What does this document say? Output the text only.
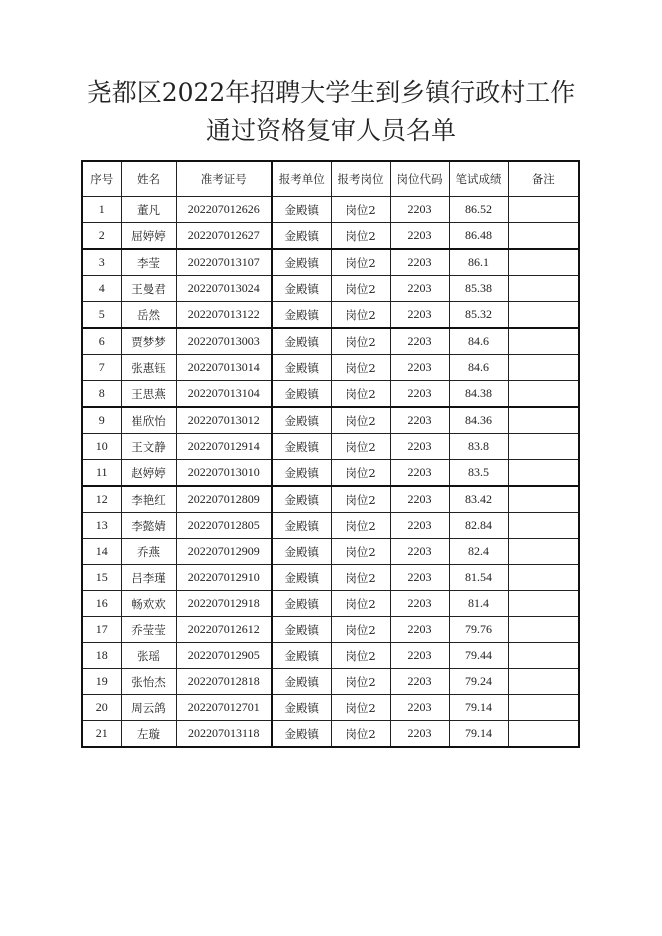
尧都区2022年招聘大学生到乡镇行政村工作
通过资格复审人员名单
序号	姓名	准考证号	报考单位	报考岗位	岗位代码	笔试成绩	备注
1	董凡	202207012626	金殿镇	岗位2	2203	86.52	
2	屈婷婷	202207012627	金殿镇	岗位2	2203	86.48	
3	李莹	202207013107	金殿镇	岗位2	2203	86.1	
4	王曼君	202207013024	金殿镇	岗位2	2203	85.38	
5	岳然	202207013122	金殿镇	岗位2	2203	85.32	
6	贾梦梦	202207013003	金殿镇	岗位2	2203	84.6	
7	张惠钰	202207013014	金殿镇	岗位2	2203	84.6	
8	王思燕	202207013104	金殿镇	岗位2	2203	84.38	
9	崔欣怡	202207013012	金殿镇	岗位2	2203	84.36	
10	王文静	202207012914	金殿镇	岗位2	2203	83.8	
11	赵婷婷	202207013010	金殿镇	岗位2	2203	83.5	
12	李艳红	202207012809	金殿镇	岗位2	2203	83.42	
13	李懿婧	202207012805	金殿镇	岗位2	2203	82.84	
14	乔燕	202207012909	金殿镇	岗位2	2203	82.4	
15	吕李瑾	202207012910	金殿镇	岗位2	2203	81.54	
16	畅欢欢	202207012918	金殿镇	岗位2	2203	81.4	
17	乔莹莹	202207012612	金殿镇	岗位2	2203	79.76	
18	张瑶	202207012905	金殿镇	岗位2	2203	79.44	
19	张怡杰	202207012818	金殿镇	岗位2	2203	79.24	
20	周云鸽	202207012701	金殿镇	岗位2	2203	79.14	
21	左璇	202207013118	金殿镇	岗位2	2203	79.14	
